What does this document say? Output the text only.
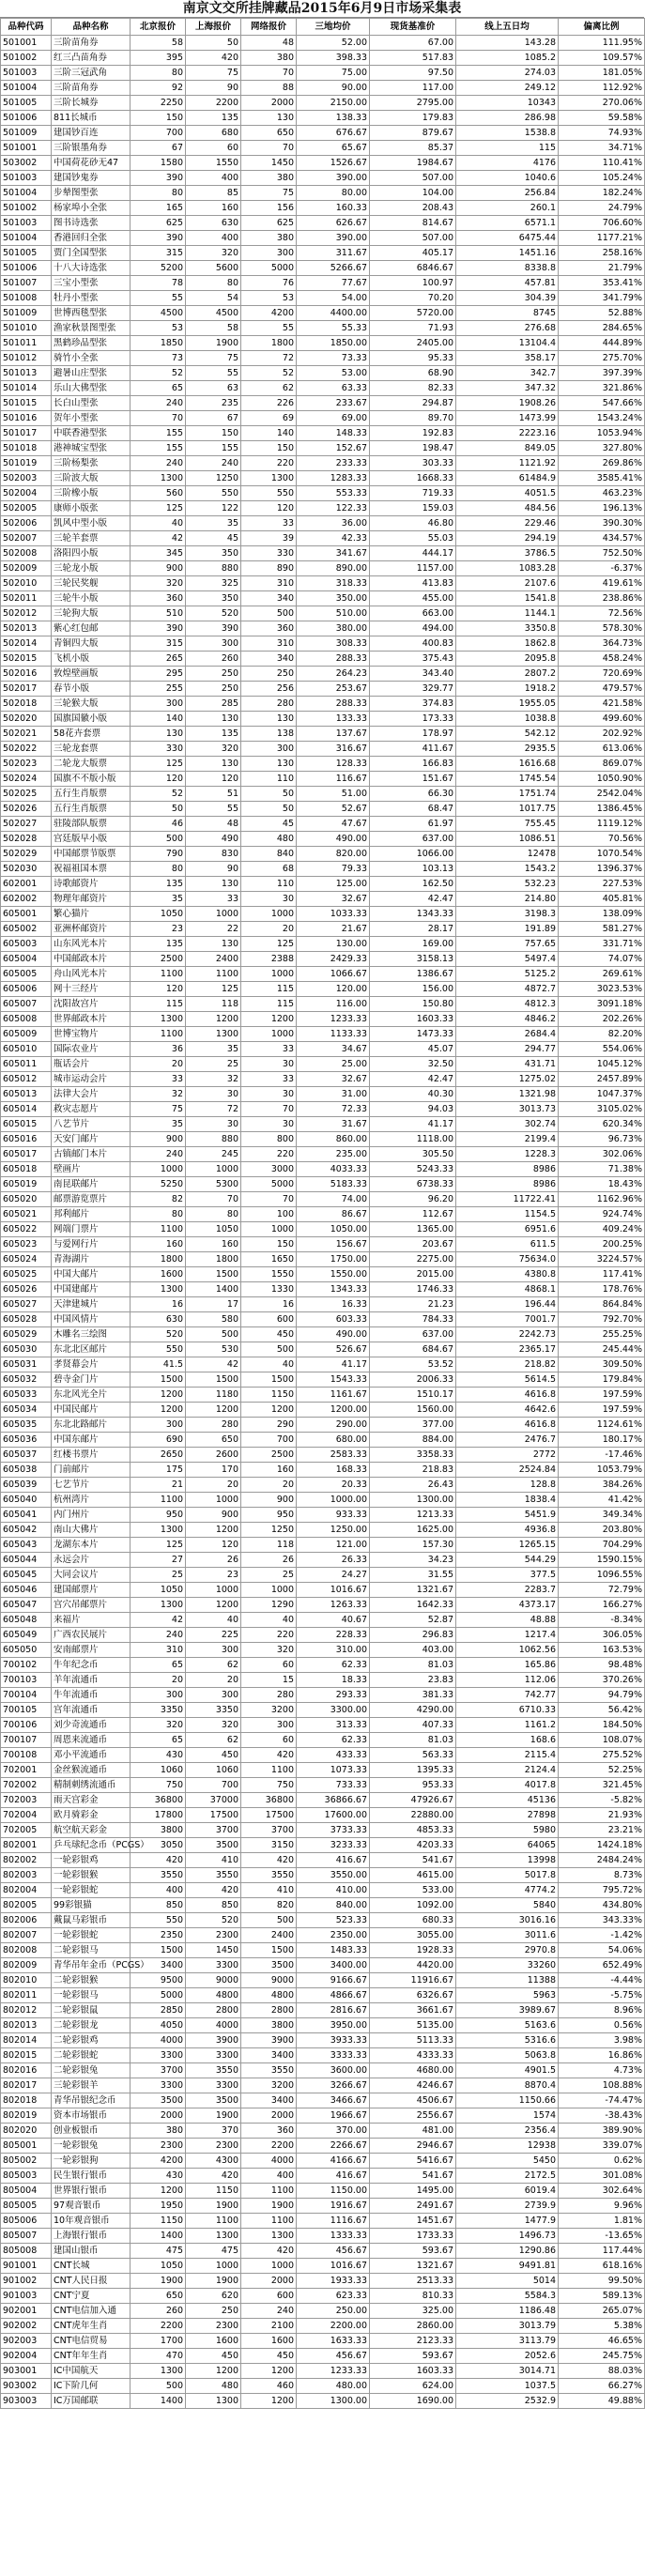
南京文交所挂牌藏品2015年6月9日市场采集表
品种代码	品种名称	北京报价	上海报价	网络报价	三地均价	现货基准价	线上五日均	偏离比例
501001	三阶苗角券	58	50	48	52.00	67.00	143.28	111.95%
501002	红三凸苗角券	395	420	380	398.33	517.83	1085.2	109.57%
501003	三阶三冠武角	80	75	70	75.00	97.50	274.03	181.05%
501004	三阶苗角券	92	90	88	90.00	117.00	249.12	112.92%
501005	三阶长城券	2250	2200	2000	2150.00	2795.00	10343	270.06%
501006	811长城币	150	135	130	138.33	179.83	286.98	59.58%
501009	建国钞百连	700	680	650	676.67	879.67	1538.8	74.93%
501001	三阶银墨角券	67	60	70	65.67	85.37	115	34.71%
503002	中国荷花砂无47	1580	1550	1450	1526.67	1984.67	4176	110.41%
501003	建国钞鬼券	390	400	380	390.00	507.00	1040.6	105.24%
501004	步辇图型张	80	85	75	80.00	104.00	256.84	182.24%
501002	杨家埠小全张	165	160	156	160.33	208.43	260.1	24.79%
501003	图书诗选张	625	630	625	626.67	814.67	6571.1	706.60%
501004	香港回归全张	390	400	380	390.00	507.00	6475.44	1177.21%
501005	贾门全国型张	315	320	300	311.67	405.17	1451.16	258.16%
501006	十八大诗选张	5200	5600	5000	5266.67	6846.67	8338.8	21.79%
501007	三宝小型张	78	80	76	77.67	100.97	457.81	353.41%
501008	牡丹小型张	55	54	53	54.00	70.20	304.39	341.79%
501009	世博西毯型张	4500	4500	4200	4400.00	5720.00	8745	52.88%
501010	渔家秋景图型张	53	58	55	55.33	71.93	276.68	284.65%
501011	黑鹤珍品型张	1850	1900	1800	1850.00	2405.00	13104.4	444.89%
501012	骑竹小全张	73	75	72	73.33	95.33	358.17	275.70%
501013	避暑山庄型张	52	55	52	53.00	68.90	342.7	397.39%
501014	乐山大佛型张	65	63	62	63.33	82.33	347.32	321.86%
501015	长白山型张	240	235	226	233.67	294.87	1908.26	547.66%
501016	贺年小型张	70	67	69	69.00	89.70	1473.99	1543.24%
501017	中联香港型张	155	150	140	148.33	192.83	2223.16	1053.94%
501018	港神城宝型张	155	155	150	152.67	198.47	849.05	327.80%
501019	三阶杨梨张	240	240	220	233.33	303.33	1121.92	269.86%
502003	三阶波大版	1300	1250	1300	1283.33	1668.33	61484.9	3585.41%
502004	三阶橡小版	560	550	550	553.33	719.33	4051.5	463.23%
502005	康师小版张	125	122	120	122.33	159.03	484.56	196.13%
502006	凯风中型小版	40	35	33	36.00	46.80	229.46	390.30%
502007	三轮羊套票	42	45	39	42.33	55.03	294.19	434.57%
502008	洛阳四小版	345	350	330	341.67	444.17	3786.5	752.50%
502009	三轮龙小版	900	880	890	890.00	1157.00	1083.28	-6.37%
502010	三轮民奖舰	320	325	310	318.33	413.83	2107.6	419.61%
502011	三轮牛小版	360	350	340	350.00	455.00	1541.8	238.86%
502012	三轮狗大版	510	520	500	510.00	663.00	1144.1	72.56%
502013	紫心红包邮	390	390	360	380.00	494.00	3350.8	578.30%
502014	青铜四大版	315	300	310	308.33	400.83	1862.8	364.73%
502015	飞机小版	265	260	340	288.33	375.43	2095.8	458.24%
502016	敦煌壁画版	295	250	250	264.23	343.40	2807.2	720.69%
502017	春节小版	255	250	256	253.67	329.77	1918.2	479.57%
502018	三轮猴大版	300	285	280	288.33	374.83	1955.05	421.58%
502020	国旗国徽小版	140	130	130	133.33	173.33	1038.8	499.60%
502021	58花卉套票	130	135	138	137.67	178.97	542.12	202.92%
502022	三轮龙套票	330	320	300	316.67	411.67	2935.5	613.06%
502023	二轮龙大版票	125	130	130	128.33	166.83	1616.68	869.07%
502024	国旗不不版小版	120	120	110	116.67	151.67	1745.54	1050.90%
502025	五行生肖版票	52	51	50	51.00	66.30	1751.74	2542.04%
502026	五行生肖版票	50	55	50	52.67	68.47	1017.75	1386.45%
502027	驻陵部队版票	46	48	45	47.67	61.97	755.45	1119.12%
502028	宫廷版早小版	500	490	480	490.00	637.00	1086.51	70.56%
502029	中国邮票节版票	790	830	840	820.00	1066.00	12478	1070.54%
502030	祝福祖国本票	80	90	68	79.33	103.13	1543.2	1396.37%
602001	诗歌邮资片	135	130	110	125.00	162.50	532.23	227.53%
602002	物理年邮资片	35	33	30	32.67	42.47	214.80	405.81%
605001	繁心猫片	1050	1000	1000	1033.33	1343.33	3198.3	138.09%
605002	亚洲杯邮资片	23	22	20	21.67	28.17	191.89	581.27%
605003	山东风光本片	135	130	125	130.00	169.00	757.65	331.71%
605004	中国邮政本片	2500	2400	2388	2429.33	3158.13	5497.4	74.07%
605005	舟山风光本片	1100	1100	1000	1066.67	1386.67	5125.2	269.61%
605006	网十三经片	120	125	115	120.00	156.00	4872.7	3023.53%
605007	沈阳故宫片	115	118	115	116.00	150.80	4812.3	3091.18%
605008	世界邮政本片	1300	1200	1200	1233.33	1603.33	4846.2	202.26%
605009	世博宝物片	1100	1300	1000	1133.33	1473.33	2684.4	82.20%
605010	国际农业片	36	35	33	34.67	45.07	294.77	554.06%
605011	瓶话会片	20	25	30	25.00	32.50	431.71	1045.12%
605012	城市运动会片	33	32	33	32.67	42.47	1275.02	2457.89%
605013	法律大会片	32	30	30	31.00	40.30	1321.98	1047.37%
605014	救灾志愿片	75	72	70	72.33	94.03	3013.73	3105.02%
605015	八艺节片	35	30	30	31.67	41.17	302.74	620.34%
605016	天安门邮片	900	880	800	860.00	1118.00	2199.4	96.73%
605017	古镇邮门本片	240	245	220	235.00	305.50	1228.3	302.06%
605018	壁画片	1000	1000	3000	4033.33	5243.33	8986	71.38%
605019	南昆联邮片	5250	5300	5000	5183.33	6738.33	8986	18.43%
605020	邮票游览票片	82	70	70	74.00	96.20	11722.41	1162.96%
605021	邦利邮片	80	80	100	86.67	112.67	1154.5	924.74%
605022	网端门票片	1100	1050	1000	1050.00	1365.00	6951.6	409.24%
605023	与爱网行片	160	160	150	156.67	203.67	611.5	200.25%
605024	青海湖片	1800	1800	1650	1750.00	2275.00	75634.0	3224.57%
605025	中国大邮片	1600	1500	1550	1550.00	2015.00	4380.8	117.41%
605026	中国建邮片	1300	1400	1330	1343.33	1746.33	4868.1	178.76%
605027	天津建城片	16	17	16	16.33	21.23	196.44	864.84%
605028	中国风情片	630	580	600	603.33	784.33	7001.7	792.70%
605029	木雕名三绘图	520	500	450	490.00	637.00	2242.73	255.25%
605030	东北北区邮片	550	530	500	526.67	684.67	2365.17	245.44%
605031	孝贤幕会片	41.5	42	40	41.17	53.52	218.82	309.50%
605032	碧寺金门片	1500	1500	1500	1543.33	2006.33	5614.5	179.84%
605033	东北风光全片	1200	1180	1150	1161.67	1510.17	4616.8	197.59%
605034	中国民邮片	1200	1200	1200	1200.00	1560.00	4642.6	197.59%
605035	东北北路邮片	300	280	290	290.00	377.00	4616.8	1124.61%
605036	中国东邮片	690	650	700	680.00	884.00	2476.7	180.17%
605037	红楼书票片	2650	2600	2500	2583.33	3358.33	2772	-17.46%
605038	门前邮片	175	170	160	168.33	218.83	2524.84	1053.79%
605039	七艺节片	21	20	20	20.33	26.43	128.8	384.26%
605040	杭州湾片	1100	1000	900	1000.00	1300.00	1838.4	41.42%
605041	内门州片	950	900	950	933.33	1213.33	5451.9	349.34%
605042	南山大佛片	1300	1200	1250	1250.00	1625.00	4936.8	203.80%
605043	龙湖东本片	125	120	118	121.00	157.30	1265.15	704.29%
605044	永远会片	27	26	26	26.33	34.23	544.29	1590.15%
605045	大同会议片	25	23	25	24.27	31.55	377.5	1096.55%
605046	建国邮票片	1050	1000	1000	1016.67	1321.67	2283.7	72.79%
605047	宫穴吊邮票片	1300	1200	1290	1263.33	1642.33	4373.17	166.27%
605048	来福片	42	40	40	40.67	52.87	48.88	-8.34%
605049	广西农民展片	240	225	220	228.33	296.83	1217.4	306.05%
605050	安南邮票片	310	300	320	310.00	403.00	1062.56	163.53%
700102	牛年纪念币	65	62	60	62.33	81.03	165.86	98.48%
700103	羊年流通币	20	20	15	18.33	23.83	112.06	370.26%
700104	牛年流通币	300	300	280	293.33	381.33	742.77	94.79%
700105	宫年流通币	3350	3350	3200	3300.00	4290.00	6710.33	56.42%
700106	刘少奇流通币	320	320	300	313.33	407.33	1161.2	184.50%
700107	周恩来流通币	65	62	60	62.33	81.03	168.6	108.07%
700108	邓小平流通币	430	450	420	433.33	563.33	2115.4	275.52%
702001	金丝猴流通币	1060	1060	1100	1073.33	1395.33	2124.4	52.25%
702002	精制刺绣流通币	750	700	750	733.33	953.33	4017.8	321.45%
702003	雨天宫彩金	36800	37000	36800	36866.67	47926.67	45136	-5.82%
702004	欧月骑彩金	17800	17500	17500	17600.00	22880.00	27898	21.93%
702005	航空航天彩金	3800	3700	3700	3733.33	4853.33	5980	23.21%
802001	乒乓球纪念币（PCGS）	3050	3500	3150	3233.33	4203.33	64065	1424.18%
802002	一轮彩银鸡	420	410	420	416.67	541.67	13998	2484.24%
802003	一轮彩银猴	3550	3550	3550	3550.00	4615.00	5017.8	8.73%
802004	一轮彩银蛇	400	420	410	410.00	533.00	4774.2	795.72%
802005	99彩银猫	850	850	820	840.00	1092.00	5840	434.80%
802006	戴鼠马彩银币	550	520	500	523.33	680.33	3016.16	343.33%
802007	一轮彩银蛇	2350	2300	2400	2350.00	3055.00	3011.6	-1.42%
802008	二轮彩银马	1500	1450	1500	1483.33	1928.33	2970.8	54.06%
802009	青华吊年金币（PCGS）	3400	3300	3500	3400.00	4420.00	33260	652.49%
802010	二轮彩银猴	9500	9000	9000	9166.67	11916.67	11388	-4.44%
802011	一轮彩银马	5000	4800	4800	4866.67	6326.67	5963	-5.75%
802012	二轮彩银鼠	2850	2800	2800	2816.67	3661.67	3989.67	8.96%
802013	二轮彩银龙	4050	4000	3800	3950.00	5135.00	5163.6	0.56%
802014	二轮彩银鸡	4000	3900	3900	3933.33	5113.33	5316.6	3.98%
802015	二轮彩银蛇	3300	3300	3400	3333.33	4333.33	5063.8	16.86%
802016	二轮彩银兔	3700	3550	3550	3600.00	4680.00	4901.5	4.73%
802017	三轮彩银羊	3300	3300	3200	3266.67	4246.67	8870.4	108.88%
802018	青华吊银纪念币	3500	3500	3400	3466.67	4506.67	1150.66	-74.47%
802019	资本市场银币	2000	1900	2000	1966.67	2556.67	1574	-38.43%
802020	创业板银币	380	370	360	370.00	481.00	2356.4	389.90%
805001	一轮彩银兔	2300	2300	2200	2266.67	2946.67	12938	339.07%
805002	一轮彩银狗	4200	4300	4000	4166.67	5416.67	5450	0.62%
805003	民生银行银币	430	420	400	416.67	541.67	2172.5	301.08%
805004	世界银行银币	1200	1150	1100	1150.00	1495.00	6019.4	302.64%
805005	97观音银币	1950	1900	1900	1916.67	2491.67	2739.9	9.96%
805006	10年观音银币	1150	1100	1100	1116.67	1451.67	1477.9	1.81%
805007	上海银行银币	1400	1300	1300	1333.33	1733.33	1496.73	-13.65%
805008	建国山银币	475	475	420	456.67	593.67	1290.86	117.44%
901001	CNT长城	1050	1000	1000	1016.67	1321.67	9491.81	618.16%
901002	CNT人民日报	1900	1900	2000	1933.33	2513.33	5014	99.50%
901003	CNT宁夏	650	620	600	623.33	810.33	5584.3	589.13%
902001	CNT电信加入通	260	250	240	250.00	325.00	1186.48	265.07%
902002	CNT虎年生肖	2200	2300	2100	2200.00	2860.00	3013.79	5.38%
902003	CNT电信贸易	1700	1600	1600	1633.33	2123.33	3113.79	46.65%
902004	CNT年年生肖	470	450	450	456.67	593.67	2052.6	245.75%
903001	IC中国航天	1300	1200	1200	1233.33	1603.33	3014.71	88.03%
903002	IC下阶几何	500	480	460	480.00	624.00	1037.5	66.27%
903003	IC万国邮联	1400	1300	1200	1300.00	1690.00	2532.9	49.88%
